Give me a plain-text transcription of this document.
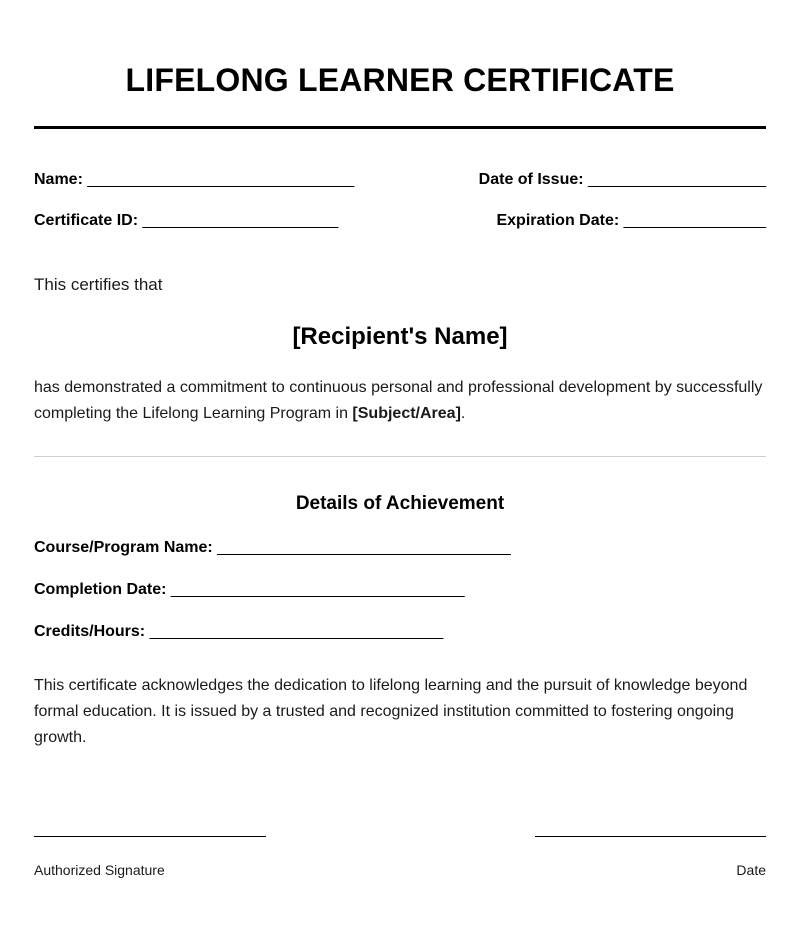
LIFELONG LEARNER CERTIFICATE
Name: ______________________________	Date of Issue: ____________________
Certificate ID: ______________________	Expiration Date: ________________
This certifies that
[Recipient's Name]
has demonstrated a commitment to continuous personal and professional development by successfully completing the Lifelong Learning Program in [Subject/Area].
Details of Achievement
Course/Program Name: _________________________________
Completion Date: _________________________________
Credits/Hours: _________________________________
This certificate acknowledges the dedication to lifelong learning and the pursuit of knowledge beyond formal education. It is issued by a trusted and recognized institution committed to fostering ongoing growth.
Authorized Signature	Date
